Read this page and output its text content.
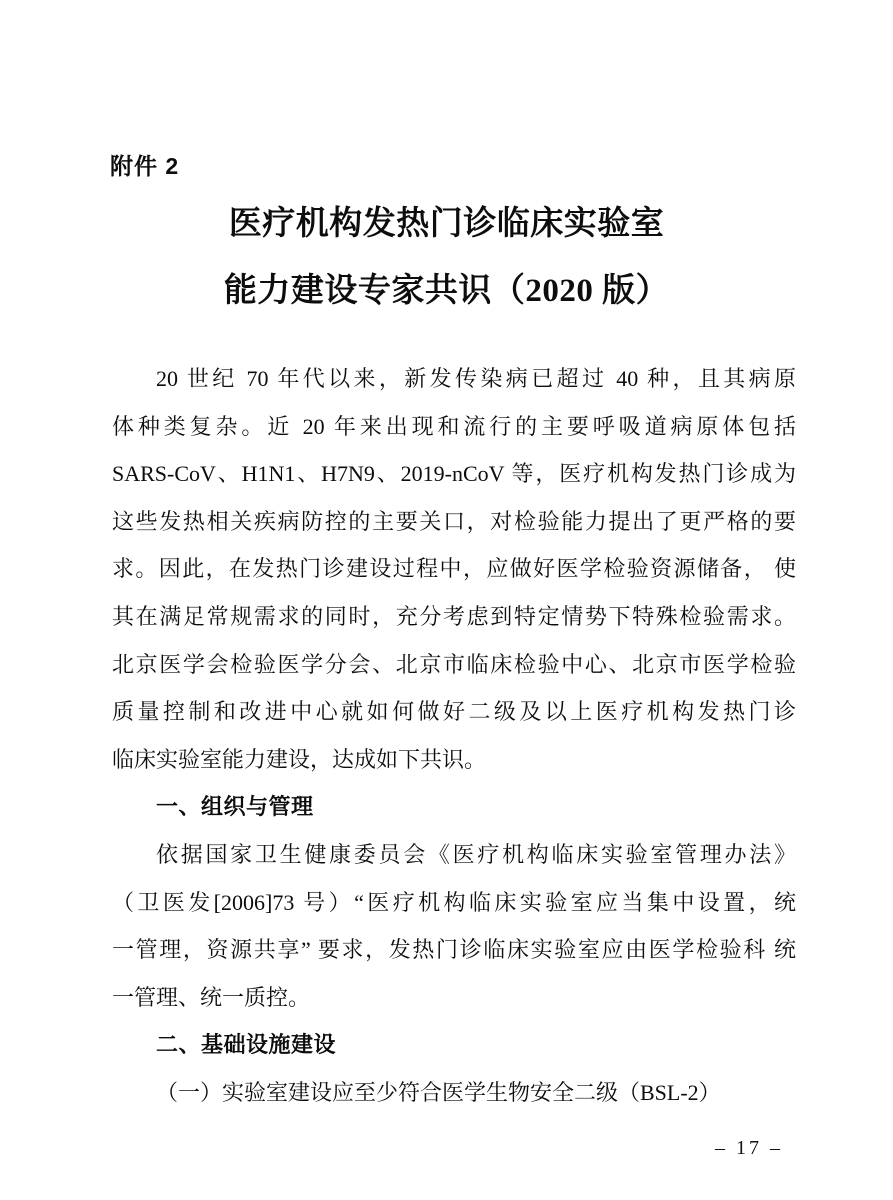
附件 2
医疗机构发热门诊临床实验室
能力建设专家共识（2020 版）
20 世纪 70 年代以来，新发传染病已超过 40 种，且其病原
体种类复杂。近 20 年来出现和流行的主要呼吸道病原体包括
SARS-CoV、H1N1、H7N9、2019-nCoV 等，医疗机构发热门诊成为
这些发热相关疾病防控的主要关口，对检验能力提出了更严格的要
求。因此，在发热门诊建设过程中，应做好医学检验资源储备， 使
其在满足常规需求的同时，充分考虑到特定情势下特殊检验需求。
北京医学会检验医学分会、北京市临床检验中心、北京市医学检验
质量控制和改进中心就如何做好二级及以上医疗机构发热门诊
临床实验室能力建设，达成如下共识。
一、组织与管理
依据国家卫生健康委员会《医疗机构临床实验室管理办法》
（卫医发[2006]73 号）“医疗机构临床实验室应当集中设置，统
一管理，资源共享” 要求，发热门诊临床实验室应由医学检验科 统
一管理、统一质控。
二、基础设施建设
（一）实验室建设应至少符合医学生物安全二级（BSL-2）
– 17 –
